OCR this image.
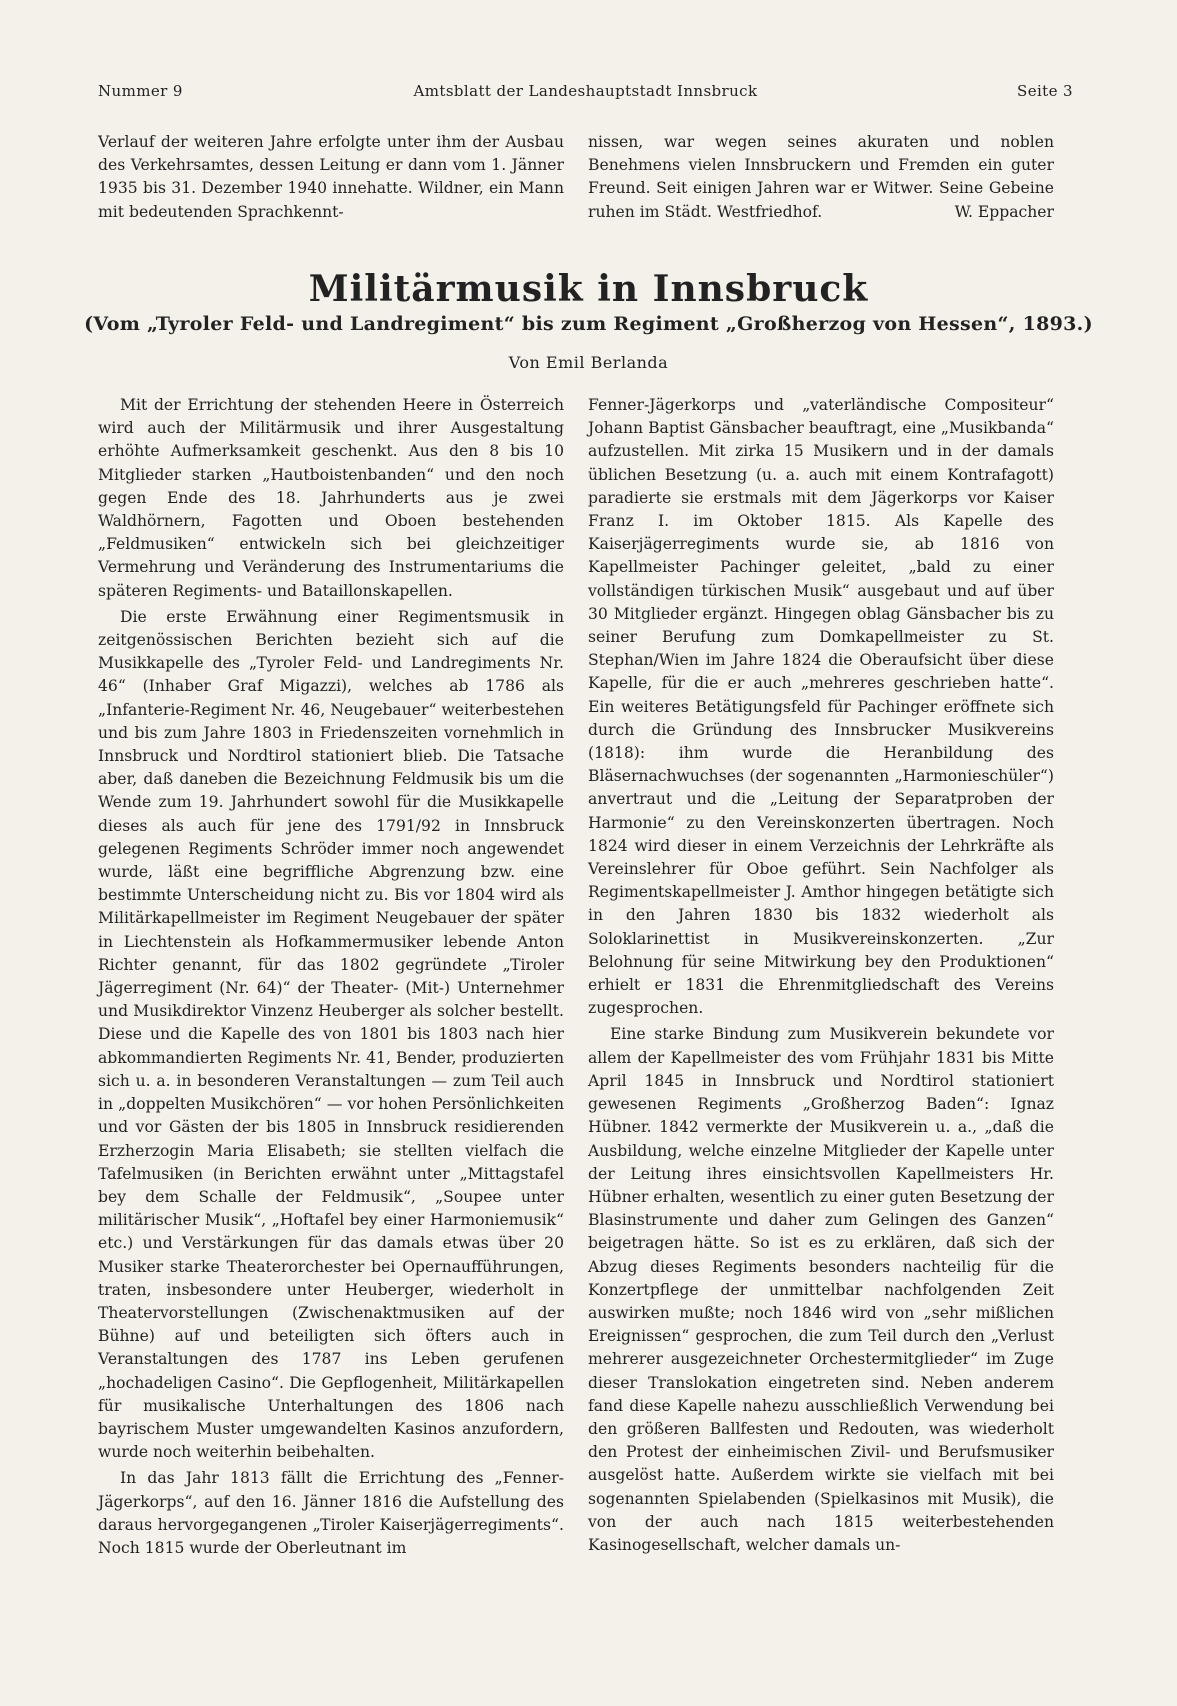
Nummer 9	Amtsblatt der Landeshauptstadt Innsbruck	Seite 3

Verlauf der weiteren Jahre erfolgte unter ihm der Ausbau des Verkehrsamtes, dessen Leitung er dann vom 1. Jänner 1935 bis 31. Dezember 1940 innehatte. Wildner, ein Mann mit bedeutenden Sprachkennt-

nissen, war wegen seines akuraten und noblen Benehmens vielen Innsbruckern und Fremden ein guter Freund. Seit einigen Jahren war er Witwer. Seine Gebeine ruhen im Städt. Westfriedhof.	W. Eppacher

Militärmusik in Innsbruck
(Vom „Tyroler Feld- und Landregiment“ bis zum Regiment „Großherzog von Hessen“, 1893.)
Von Emil Berlanda

Mit der Errichtung der stehenden Heere in Österreich wird auch der Militärmusik und ihrer Ausgestaltung erhöhte Aufmerksamkeit geschenkt. Aus den 8 bis 10 Mitglieder starken „Hautboistenbanden“ und den noch gegen Ende des 18. Jahrhunderts aus je zwei Waldhörnern, Fagotten und Oboen bestehenden „Feldmusiken“ entwickeln sich bei gleichzeitiger Vermehrung und Veränderung des Instrumentariums die späteren Regiments- und Bataillonskapellen.

Die erste Erwähnung einer Regimentsmusik in zeitgenössischen Berichten bezieht sich auf die Musikkapelle des „Tyroler Feld- und Landregiments Nr. 46“ (Inhaber Graf Migazzi), welches ab 1786 als „Infanterie-Regiment Nr. 46, Neugebauer“ weiterbestehen und bis zum Jahre 1803 in Friedenszeiten vornehmlich in Innsbruck und Nordtirol stationiert blieb. Die Tatsache aber, daß daneben die Bezeichnung Feldmusik bis um die Wende zum 19. Jahrhundert sowohl für die Musikkapelle dieses als auch für jene des 1791/92 in Innsbruck gelegenen Regiments Schröder immer noch angewendet wurde, läßt eine begriffliche Abgrenzung bzw. eine bestimmte Unterscheidung nicht zu. Bis vor 1804 wird als Militärkapellmeister im Regiment Neugebauer der später in Liechtenstein als Hofkammermusiker lebende Anton Richter genannt, für das 1802 gegründete „Tiroler Jägerregiment (Nr. 64)“ der Theater- (Mit-) Unternehmer und Musikdirektor Vinzenz Heuberger als solcher bestellt. Diese und die Kapelle des von 1801 bis 1803 nach hier abkommandierten Regiments Nr. 41, Bender, produzierten sich u. a. in besonderen Veranstaltungen — zum Teil auch in „doppelten Musikchören“ — vor hohen Persönlichkeiten und vor Gästen der bis 1805 in Innsbruck residierenden Erzherzogin Maria Elisabeth; sie stellten vielfach die Tafelmusiken (in Berichten erwähnt unter „Mittagstafel bey dem Schalle der Feldmusik“, „Soupee unter militärischer Musik“, „Hoftafel bey einer Harmoniemusik“ etc.) und Verstärkungen für das damals etwas über 20 Musiker starke Theaterorchester bei Opernaufführungen, traten, insbesondere unter Heuberger, wiederholt in Theatervorstellungen (Zwischenaktmusiken auf der Bühne) auf und beteiligten sich öfters auch in Veranstaltungen des 1787 ins Leben gerufenen „hochadeligen Casino“. Die Gepflogenheit, Militärkapellen für musikalische Unterhaltungen des 1806 nach bayrischem Muster umgewandelten Kasinos anzufordern, wurde noch weiterhin beibehalten.

In das Jahr 1813 fällt die Errichtung des „Fenner-Jägerkorps“, auf den 16. Jänner 1816 die Aufstellung des daraus hervorgegangenen „Tiroler Kaiserjägerregiments“. Noch 1815 wurde der Oberleutnant im

Fenner-Jägerkorps und „vaterländische Compositeur“ Johann Baptist Gänsbacher beauftragt, eine „Musikbanda“ aufzustellen. Mit zirka 15 Musikern und in der damals üblichen Besetzung (u. a. auch mit einem Kontrafagott) paradierte sie erstmals mit dem Jägerkorps vor Kaiser Franz I. im Oktober 1815. Als Kapelle des Kaiserjägerregiments wurde sie, ab 1816 von Kapellmeister Pachinger geleitet, „bald zu einer vollständigen türkischen Musik“ ausgebaut und auf über 30 Mitglieder ergänzt. Hingegen oblag Gänsbacher bis zu seiner Berufung zum Domkapellmeister zu St. Stephan/Wien im Jahre 1824 die Oberaufsicht über diese Kapelle, für die er auch „mehreres geschrieben hatte“. Ein weiteres Betätigungsfeld für Pachinger eröffnete sich durch die Gründung des Innsbrucker Musikvereins (1818): ihm wurde die Heranbildung des Bläsernachwuchses (der sogenannten „Harmonieschüler“) anvertraut und die „Leitung der Separatproben der Harmonie“ zu den Vereinskonzerten übertragen. Noch 1824 wird dieser in einem Verzeichnis der Lehrkräfte als Vereinslehrer für Oboe geführt. Sein Nachfolger als Regimentskapellmeister J. Amthor hingegen betätigte sich in den Jahren 1830 bis 1832 wiederholt als Soloklarinettist in Musikvereinskonzerten. „Zur Belohnung für seine Mitwirkung bey den Produktionen“ erhielt er 1831 die Ehrenmitgliedschaft des Vereins zugesprochen.

Eine starke Bindung zum Musikverein bekundete vor allem der Kapellmeister des vom Frühjahr 1831 bis Mitte April 1845 in Innsbruck und Nordtirol stationiert gewesenen Regiments „Großherzog Baden“: Ignaz Hübner. 1842 vermerkte der Musikverein u. a., „daß die Ausbildung, welche einzelne Mitglieder der Kapelle unter der Leitung ihres einsichtsvollen Kapellmeisters Hr. Hübner erhalten, wesentlich zu einer guten Besetzung der Blasinstrumente und daher zum Gelingen des Ganzen“ beigetragen hätte. So ist es zu erklären, daß sich der Abzug dieses Regiments besonders nachteilig für die Konzertpflege der unmittelbar nachfolgenden Zeit auswirken mußte; noch 1846 wird von „sehr mißlichen Ereignissen“ gesprochen, die zum Teil durch den „Verlust mehrerer ausgezeichneter Orchestermitglieder“ im Zuge dieser Translokation eingetreten sind. Neben anderem fand diese Kapelle nahezu ausschließlich Verwendung bei den größeren Ballfesten und Redouten, was wiederholt den Protest der einheimischen Zivil- und Berufsmusiker ausgelöst hatte. Außerdem wirkte sie vielfach mit bei sogenannten Spielabenden (Spielkasinos mit Musik), die von der auch nach 1815 weiterbestehenden Kasinogesellschaft, welcher damals un-
